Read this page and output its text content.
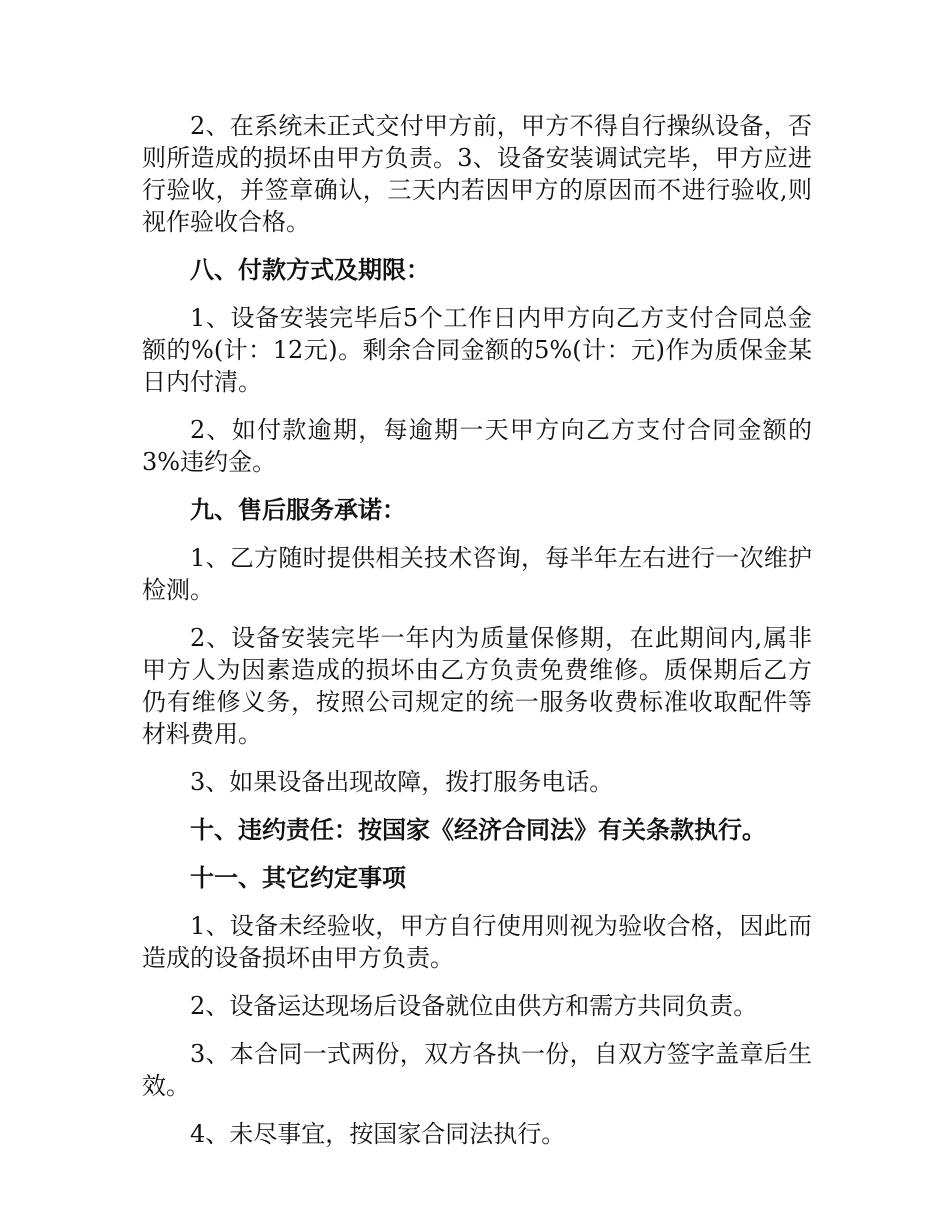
2、在系统未正式交付甲方前，甲方不得自行操纵设备，否则所造成的损坏由甲方负责。3、设备安装调试完毕，甲方应进行验收，并签章确认，三天内若因甲方的原因而不进行验收,则视作验收合格。

八、付款方式及期限：

1、设备安装完毕后5个工作日内甲方向乙方支付合同总金额的%(计：12元)。剩余合同金额的5%(计：元)作为质保金某日内付清。

2、如付款逾期，每逾期一天甲方向乙方支付合同金额的3%违约金。

九、售后服务承诺：

1、乙方随时提供相关技术咨询，每半年左右进行一次维护检测。

2、设备安装完毕一年内为质量保修期，在此期间内,属非甲方人为因素造成的损坏由乙方负责免费维修。质保期后乙方仍有维修义务，按照公司规定的统一服务收费标准收取配件等材料费用。

3、如果设备出现故障，拨打服务电话。

十、违约责任：按国家《经济合同法》有关条款执行。

十一、其它约定事项

1、设备未经验收，甲方自行使用则视为验收合格，因此而造成的设备损坏由甲方负责。

2、设备运达现场后设备就位由供方和需方共同负责。

3、本合同一式两份，双方各执一份，自双方签字盖章后生效。

4、未尽事宜，按国家合同法执行。
